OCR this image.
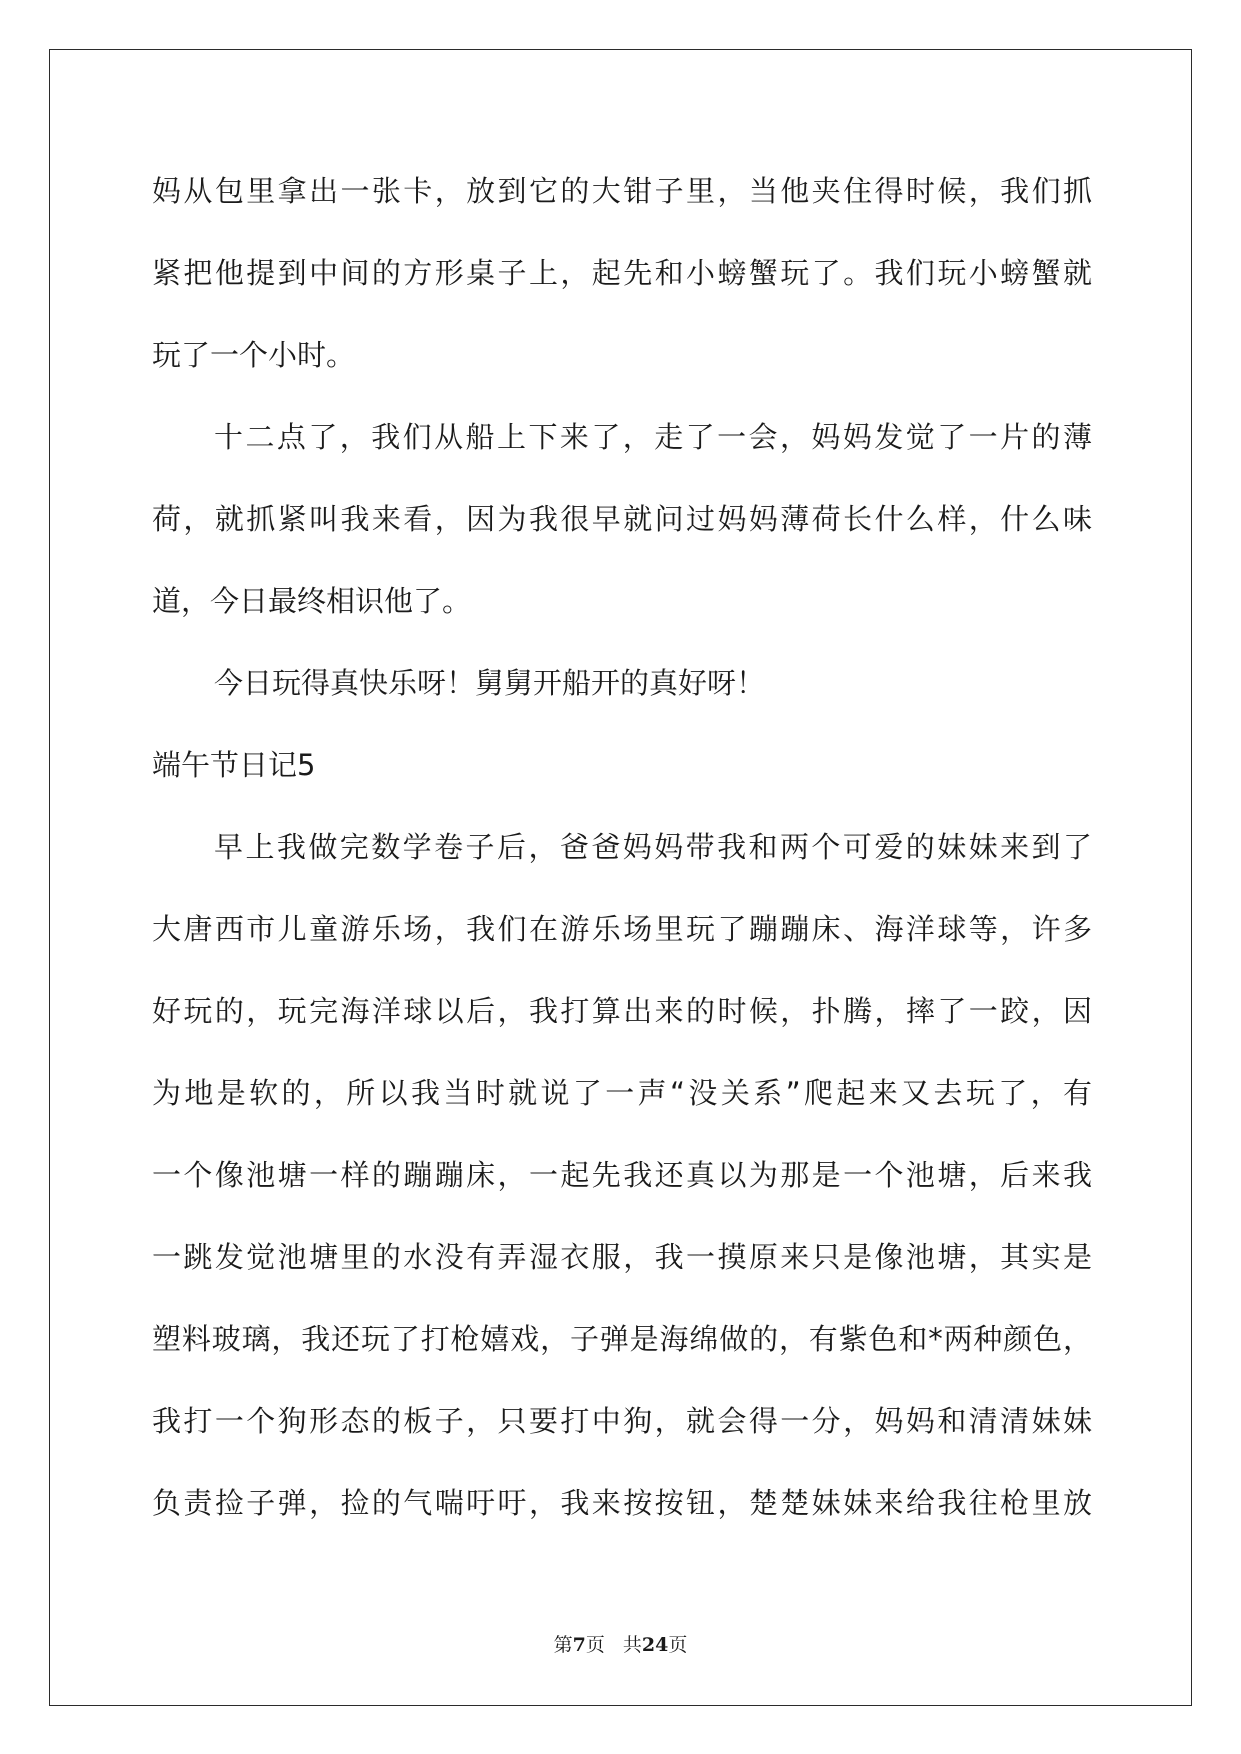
妈从包里拿出一张卡，放到它的大钳子里，当他夹住得时候，我们抓
紧把他提到中间的方形桌子上，起先和小螃蟹玩了。我们玩小螃蟹就
玩了一个小时。
十二点了，我们从船上下来了，走了一会，妈妈发觉了一片的薄
荷，就抓紧叫我来看，因为我很早就问过妈妈薄荷长什么样，什么味
道，今日最终相识他了。
今日玩得真快乐呀！舅舅开船开的真好呀！
端午节日记5
早上我做完数学卷子后，爸爸妈妈带我和两个可爱的妹妹来到了
大唐西市儿童游乐场，我们在游乐场里玩了蹦蹦床、海洋球等，许多
好玩的，玩完海洋球以后，我打算出来的时候，扑腾，摔了一跤，因
为地是软的，所以我当时就说了一声“没关系”爬起来又去玩了，有
一个像池塘一样的蹦蹦床，一起先我还真以为那是一个池塘，后来我
一跳发觉池塘里的水没有弄湿衣服，我一摸原来只是像池塘，其实是
塑料玻璃，我还玩了打枪嬉戏，子弹是海绵做的，有紫色和*两种颜色，
我打一个狗形态的板子，只要打中狗，就会得一分，妈妈和清清妹妹
负责捡子弹，捡的气喘吁吁，我来按按钮，楚楚妹妹来给我往枪里放
第7页 共24页
